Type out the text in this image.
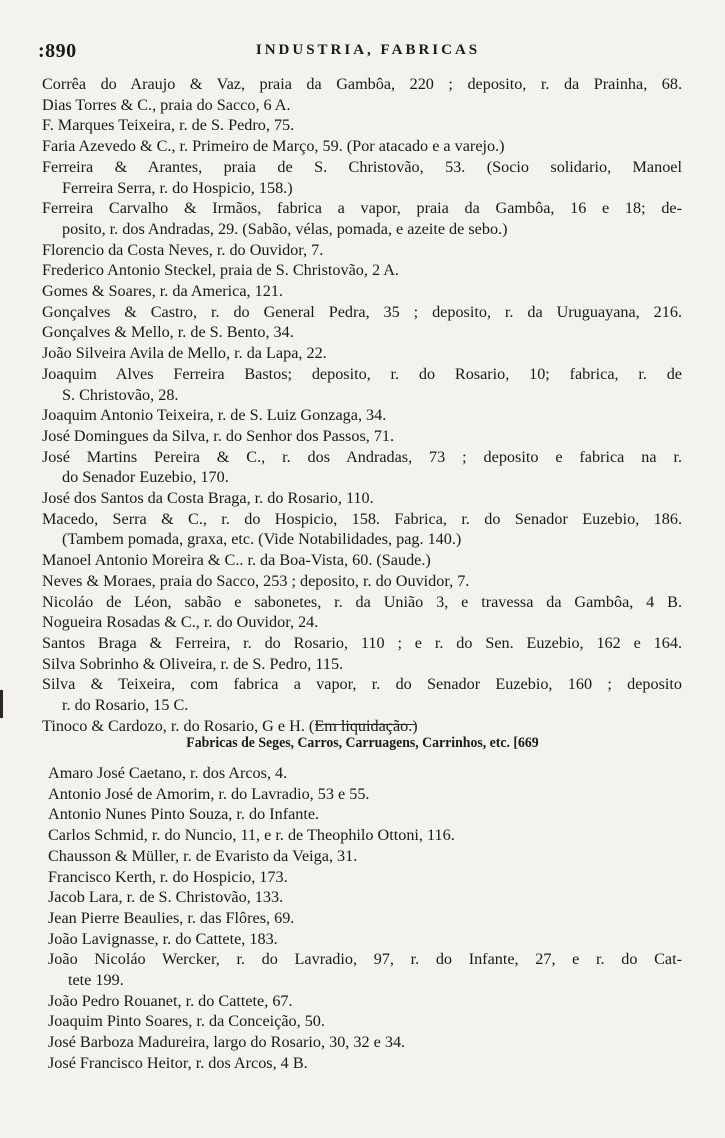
:890	INDUSTRIA, FABRICAS
Corrêa do Araujo & Vaz, praia da Gambôa, 220 ; deposito, r. da Prainha, 68.
Dias Torres & C., praia do Sacco, 6 A.
F. Marques Teixeira, r. de S. Pedro, 75.
Faria Azevedo & C., r. Primeiro de Março, 59. (Por atacado e a varejo.)
Ferreira & Arantes, praia de S. Christovão, 53. (Socio solidario, Manoel
Ferreira Serra, r. do Hospicio, 158.)
Ferreira Carvalho & Irmãos, fabrica a vapor, praia da Gambôa, 16 e 18; de-
posito, r. dos Andradas, 29. (Sabão, vélas, pomada, e azeite de sebo.)
Florencio da Costa Neves, r. do Ouvidor, 7.
Frederico Antonio Steckel, praia de S. Christovão, 2 A.
Gomes & Soares, r. da America, 121.
Gonçalves & Castro, r. do General Pedra, 35 ; deposito, r. da Uruguayana, 216.
Gonçalves & Mello, r. de S. Bento, 34.
João Silveira Avila de Mello, r. da Lapa, 22.
Joaquim Alves Ferreira Bastos; deposito, r. do Rosario, 10; fabrica, r. de
S. Christovão, 28.
Joaquim Antonio Teixeira, r. de S. Luiz Gonzaga, 34.
José Domingues da Silva, r. do Senhor dos Passos, 71.
José Martins Pereira & C., r. dos Andradas, 73 ; deposito e fabrica na r.
do Senador Euzebio, 170.
José dos Santos da Costa Braga, r. do Rosario, 110.
Macedo, Serra & C., r. do Hospicio, 158. Fabrica, r. do Senador Euzebio, 186.
(Tambem pomada, graxa, etc. (Vide Notabilidades, pag. 140.)
Manoel Antonio Moreira & C.. r. da Boa-Vista, 60. (Saude.)
Neves & Moraes, praia do Sacco, 253 ; deposito, r. do Ouvidor, 7.
Nicoláo de Léon, sabão e sabonetes, r. da União 3, e travessa da Gambôa, 4 B.
Nogueira Rosadas & C., r. do Ouvidor, 24.
Santos Braga & Ferreira, r. do Rosario, 110 ; e r. do Sen. Euzebio, 162 e 164.
Silva Sobrinho & Oliveira, r. de S. Pedro, 115.
Silva & Teixeira, com fabrica a vapor, r. do Senador Euzebio, 160 ; deposito
r. do Rosario, 15 C.
Tinoco & Cardozo, r. do Rosario, G e H. (Em liquidação.)
Fabricas de Seges, Carros, Carruagens, Carrinhos, etc. [669
Amaro José Caetano, r. dos Arcos, 4.
Antonio José de Amorim, r. do Lavradio, 53 e 55.
Antonio Nunes Pinto Souza, r. do Infante.
Carlos Schmid, r. do Nuncio, 11, e r. de Theophilo Ottoni, 116.
Chausson & Müller, r. de Evaristo da Veiga, 31.
Francisco Kerth, r. do Hospicio, 173.
Jacob Lara, r. de S. Christovão, 133.
Jean Pierre Beaulies, r. das Flôres, 69.
João Lavignasse, r. do Cattete, 183.
João Nicoláo Wercker, r. do Lavradio, 97, r. do Infante, 27, e r. do Cat-
tete 199.
João Pedro Rouanet, r. do Cattete, 67.
Joaquim Pinto Soares, r. da Conceição, 50.
José Barboza Madureira, largo do Rosario, 30, 32 e 34.
José Francisco Heitor, r. dos Arcos, 4 B.
